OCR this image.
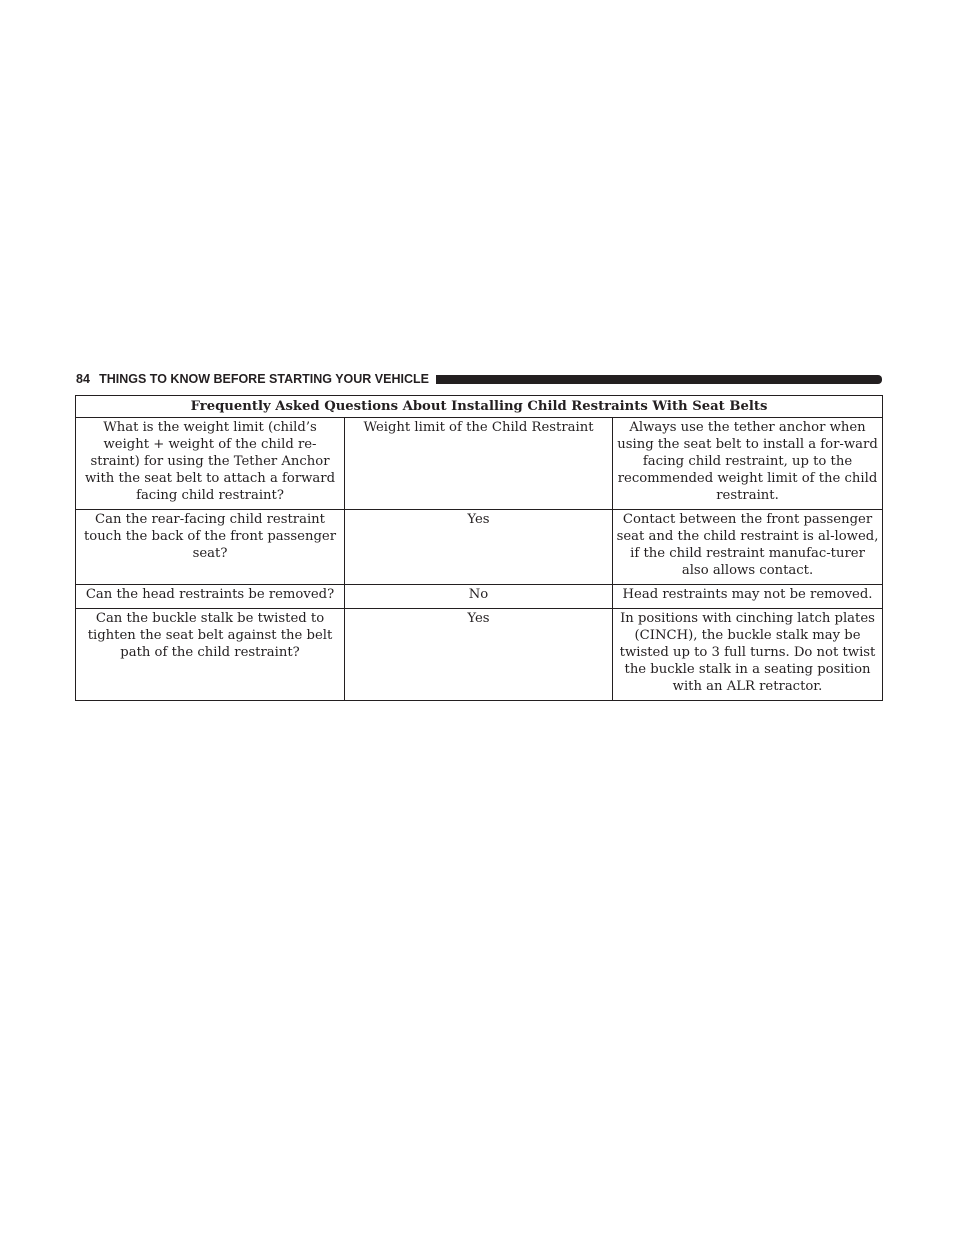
84 THINGS TO KNOW BEFORE STARTING YOUR VEHICLE
Frequently Asked Questions About Installing Child Restraints With Seat Belts		
What is the weight limit (child’s weight + weight of the child re-straint) for using the Tether Anchor with the seat belt to attach a forward facing child restraint?	Weight limit of the Child Restraint	Always use the tether anchor when using the seat belt to install a for-ward facing child restraint, up to the recommended weight limit of the child restraint.
Can the rear-facing child restraint touch the back of the front passenger seat?	Yes	Contact between the front passenger seat and the child restraint is al-lowed, if the child restraint manufac-turer also allows contact.
Can the head restraints be removed?	No	Head restraints may not be removed.
Can the buckle stalk be twisted to tighten the seat belt against the belt path of the child restraint?	Yes	In positions with cinching latch plates (CINCH), the buckle stalk may be twisted up to 3 full turns. Do not twist the buckle stalk in a seating position with an ALR retractor.
